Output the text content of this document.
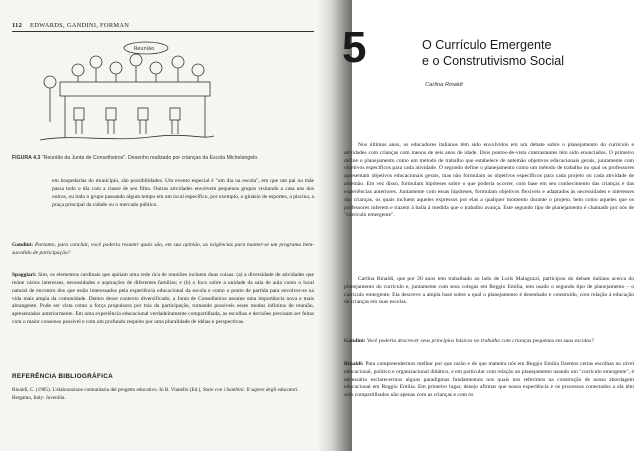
112 EDWARDS, GANDINI, FORMAN
Reunião
FIGURA 4.3 "Reunião da Junta de Conselheiros". Desenho realizado por crianças da Escola Michelangelo.

em hospedarias do município, são possibilidades. Um evento especial é "um dia na escola", em que um pai ou mãe passa todo o dia com a classe de seu filho. Outras atividades envolvem pequenos grupos visitando a casa uns dos outros, ou todo o grupo passando algum tempo em um local específico, por exemplo, o ginásio de esportes, a piscina, a praça principal da cidade ou o mercado público.

Gandini: Portanto, para concluir, você poderia resumir quais são, em sua opinião, as exigências para manter-se um programa bem-sucedido de participação?

Spaggiari: Sim, os elementos cardinais que apóiam uma rede rica de reuniões incluem duas coisas: (a) a diversidade de atividades que reúne vários interesses, necessidades e aspirações de diferentes famílias; e (b) o foco sobre a unidade da sala de aula como o local natural de encontro dos que estão interessados pela experiência educacional da escola e como o ponto de partida para envolver-se na vida mais ampla da comunidade. Dentro desse contexto diversificado, a Junta de Conselheiros assume uma importância nova e mais abrangente. Pode ser vista como a força propulsora por trás da participação, tornando possíveis esses modos infinitos de reunião, apresentados anteriormente. Em uma experiência educacional verdadeiramente compartilhada, as escolhas e decisões precisam ser feitas com o maior consenso possível e com um profundo respeito por uma pluralidade de idéias e perspectivas.

REFERÊNCIA BIBLIOGRÁFICA

Rinaldi, C. (1985). L'elaborazione comunitaria del progetto educativo. In R. Vianello (Ed.), Stare con i bambini: Il sapere degli educatori. Bergamo, Italy: Juvenilia.

5	O Currículo Emergente
e o Construtivismo Social
Carlina Rinaldi

Nos últimos anos, os educadores italianos têm sido envolvidos em um debate sobre o planejamento do currículo e atividades com crianças com menos de seis anos de idade. Dois pontos-de-vista contrastantes têm sido enunciados. O primeiro define o planejamento como um método de trabalho que estabelece de antemão objetivos educacionais gerais, juntamente com objetivos específicos para cada atividade. O segundo define o planejamento como um método de trabalho no qual os professores apresentam objetivos educacionais gerais, mas não formulam os objetivos específicos para cada projeto ou cada atividade de antemão. Em vez disso, formulam hipóteses sobre o que poderia ocorrer, com base em seu conhecimento das crianças e das experiências anteriores. Juntamente com essas hipóteses, formulam objetivos flexíveis e adaptados às necessidades e interesses das crianças, os quais incluem aqueles expressos por elas a qualquer momento durante o projeto, bem como aqueles que os professores inferem e trazem à baila à medida que o trabalho avança. Este segundo tipo de planejamento é chamado por nós de "currículo emergente".

Carlina Rinaldi, que por 20 anos tem trabalhado ao lado de Loris Malaguzzi, participou do debate italiano acerca do planejamento do currículo e, juntamente com seus colegas em Reggio Emilia, tem usado o segundo tipo de planejamento – o currículo emergente. Ela descreve a ampla base sobre a qual o planejamento é desenhado e construído, com relação à educação de crianças em suas escolas.

Gandini: Você poderia descrever seus princípios básicos no trabalho com crianças pequenas em suas escolas?

Rinaldi: Para compreendermos melhor por que razão e de que maneira nós em Reggio Emilia fizemos certas escolhas no nível educacional, político e organizacional didático, e em particular com relação ao planejamento usando um "currículo emergente", é necessário esclarecermos alguns paradigmas fundamentais nos quais nos referimos na construção de nossa abordagem educacional em Reggio Emilia. Em primeiro lugar, desejo afirmar que nossa experiência e os processos conectados a ela têm sido compartilhados não apenas com as crianças e com os
